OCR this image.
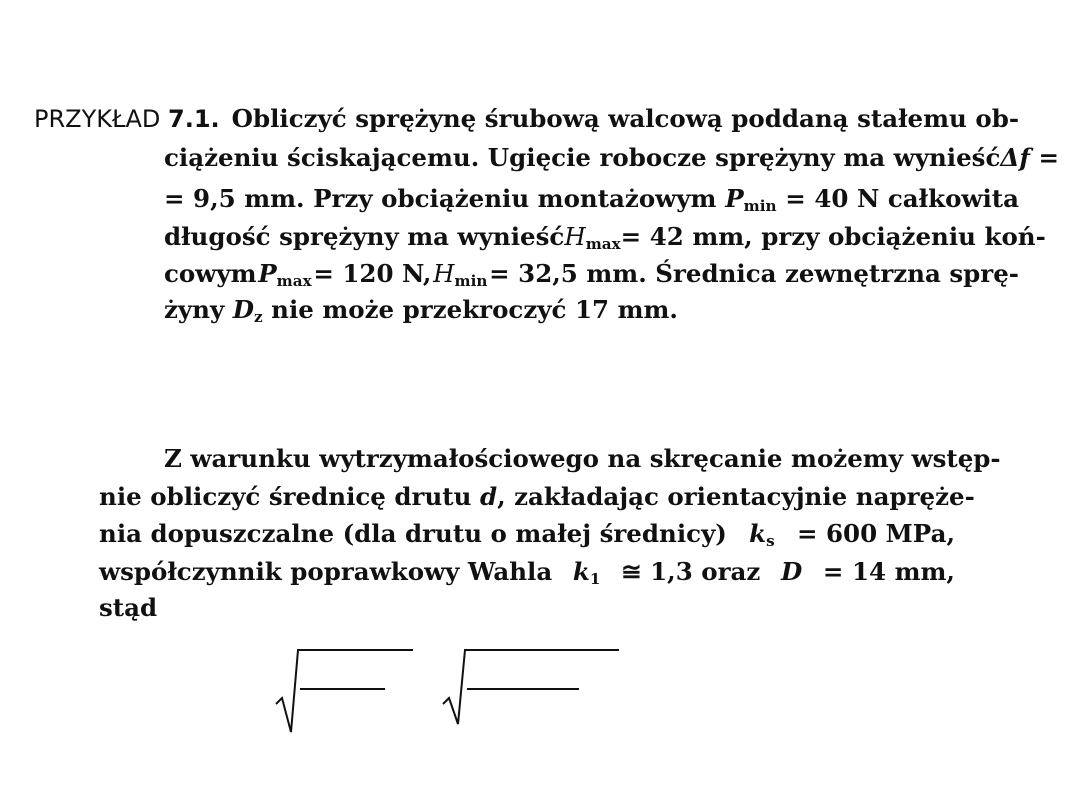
PRZYKŁAD 7.1. Obliczyć sprężynę śrubową walcową poddaną stałemu ob-
ciążeniu ściskającemu. Ugięcie robocze sprężyny ma wynieść Δf =
= 9,5 mm. Przy obciążeniu montażowym $P_{min} = 40$ N całkowita
długość sprężyny ma wynieść $H_{max} = 42$ mm, przy obciążeniu koń-
cowym $P_{max} = 120$ N, $H_{min} = 32,5$ mm. Średnica zewnętrzna sprę-
żyny
$D_z$
nie może przekroczyć 17 mm.
Z warunku wytrzymałościowego na skręcanie możemy wstęp-
nie obliczyć średnicę drutu d, zakładając orientacyjnie napręże-
nia dopuszczalne (dla drutu o małej średnicy) $k_s = 600$ MPa,
współczynnik poprawkowy Wahla $k_1$ ≅ 1,3 oraz D = 14 mm,
stąd
